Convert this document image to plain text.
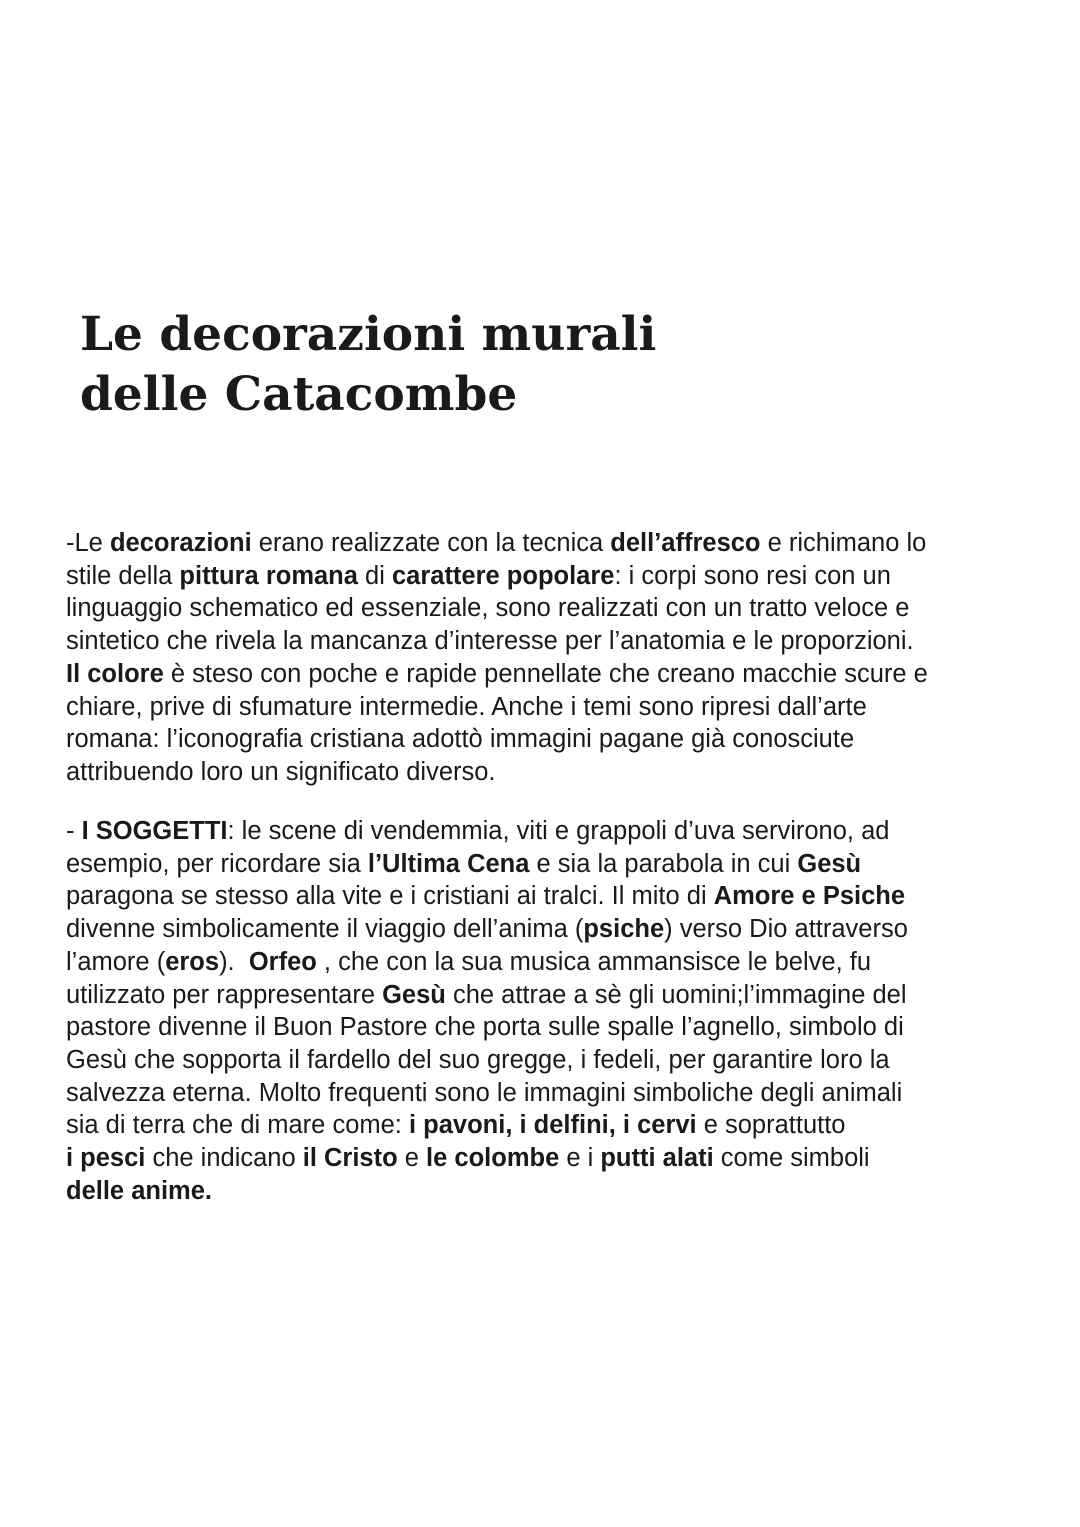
Le decorazioni murali
delle Catacombe

-Le decorazioni erano realizzate con la tecnica dell’affresco e richimano lo
stile della pittura romana di carattere popolare: i corpi sono resi con un
linguaggio schematico ed essenziale, sono realizzati con un tratto veloce e
sintetico che rivela la mancanza d’interesse per l’anatomia e le proporzioni.
Il colore è steso con poche e rapide pennellate che creano macchie scure e
chiare, prive di sfumature intermedie. Anche i temi sono ripresi dall’arte
romana: l’iconografia cristiana adottò immagini pagane già conosciute
attribuendo loro un significato diverso.

- I SOGGETTI: le scene di vendemmia, viti e grappoli d’uva servirono, ad
esempio, per ricordare sia l’Ultima Cena e sia la parabola in cui Gesù
paragona se stesso alla vite e i cristiani ai tralci. Il mito di Amore e Psiche
divenne simbolicamente il viaggio dell’anima (psiche) verso Dio attraverso
l’amore (eros).  Orfeo , che con la sua musica ammansisce le belve, fu
utilizzato per rappresentare Gesù che attrae a sè gli uomini;l’immagine del
pastore divenne il Buon Pastore che porta sulle spalle l’agnello, simbolo di
Gesù che sopporta il fardello del suo gregge, i fedeli, per garantire loro la
salvezza eterna. Molto frequenti sono le immagini simboliche degli animali
sia di terra che di mare come: i pavoni, i delfini, i cervi e soprattutto
i pesci che indicano il Cristo e le colombe e i putti alati come simboli
delle anime.
